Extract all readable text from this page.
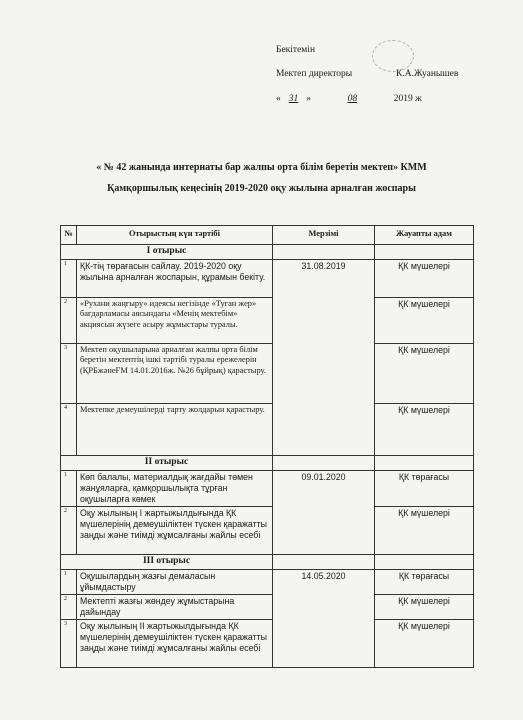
Бекітемін
Мектеп директоры	К.А.Жуанышев
« 31 »	08	2019 ж
« № 42 жанында интернаты бар жалпы орта білім беретін мектеп» КММ
Қамқоршылық кеңесінің 2019-2020 оқу жылына арналған жоспары
№	Отырыстың күн тәртібі	Мерзімі	Жауапты адам
І отырыс			
1	ҚК-тің төрағасын сайлау. 2019-2020 оқу жылына арналған жоспарын, құрамын бекіту.	31.08.2019	ҚК мүшелері
2	«Рухани жаңғыру» идеясы негізінде «Туған жер» бағдарламасы аясындағы «Менің мектебім» акциясын жүзеге асыру жұмыстары туралы.		ҚК мүшелері
3	Мектеп оқушыларына арналған жалпы орта білім беретін мектептің ішкі тәртібі туралы ережелерін (ҚРБжәнеҒМ 14.01.2016ж. №26 бұйрық) қарастыру.		ҚК мүшелері
4	Мектепке демеушілерді тарту жолдарын қарастыру.		ҚК мүшелері
ІІ отырыс			
1	Көп балалы, материалдық жағдайы төмен жанұяларға, қамқоршылықта тұрған оқушыларға көмек	09.01.2020	ҚК төрағасы
2	Оқу жылының І жартыжылдығында ҚК мүшелерінің демеушіліктен түскен қаражатты заңды және тиімді жұмсалғаны жайлы есебі		ҚК мүшелері
ІІІ отырыс			
1	Оқушылардың жазғы демаласын ұйымдастыру	14.05.2020	ҚК төрағасы
2	Мектепті жазғы жөндеу жұмыстарына дайындау		ҚК мүшелері
3	Оқу жылының ІІ жартыжылдығында ҚК мүшелерінің демеушіліктен түскен қаражатты заңды және тиімді жұмсалғаны жайлы есебі		ҚК мүшелері
